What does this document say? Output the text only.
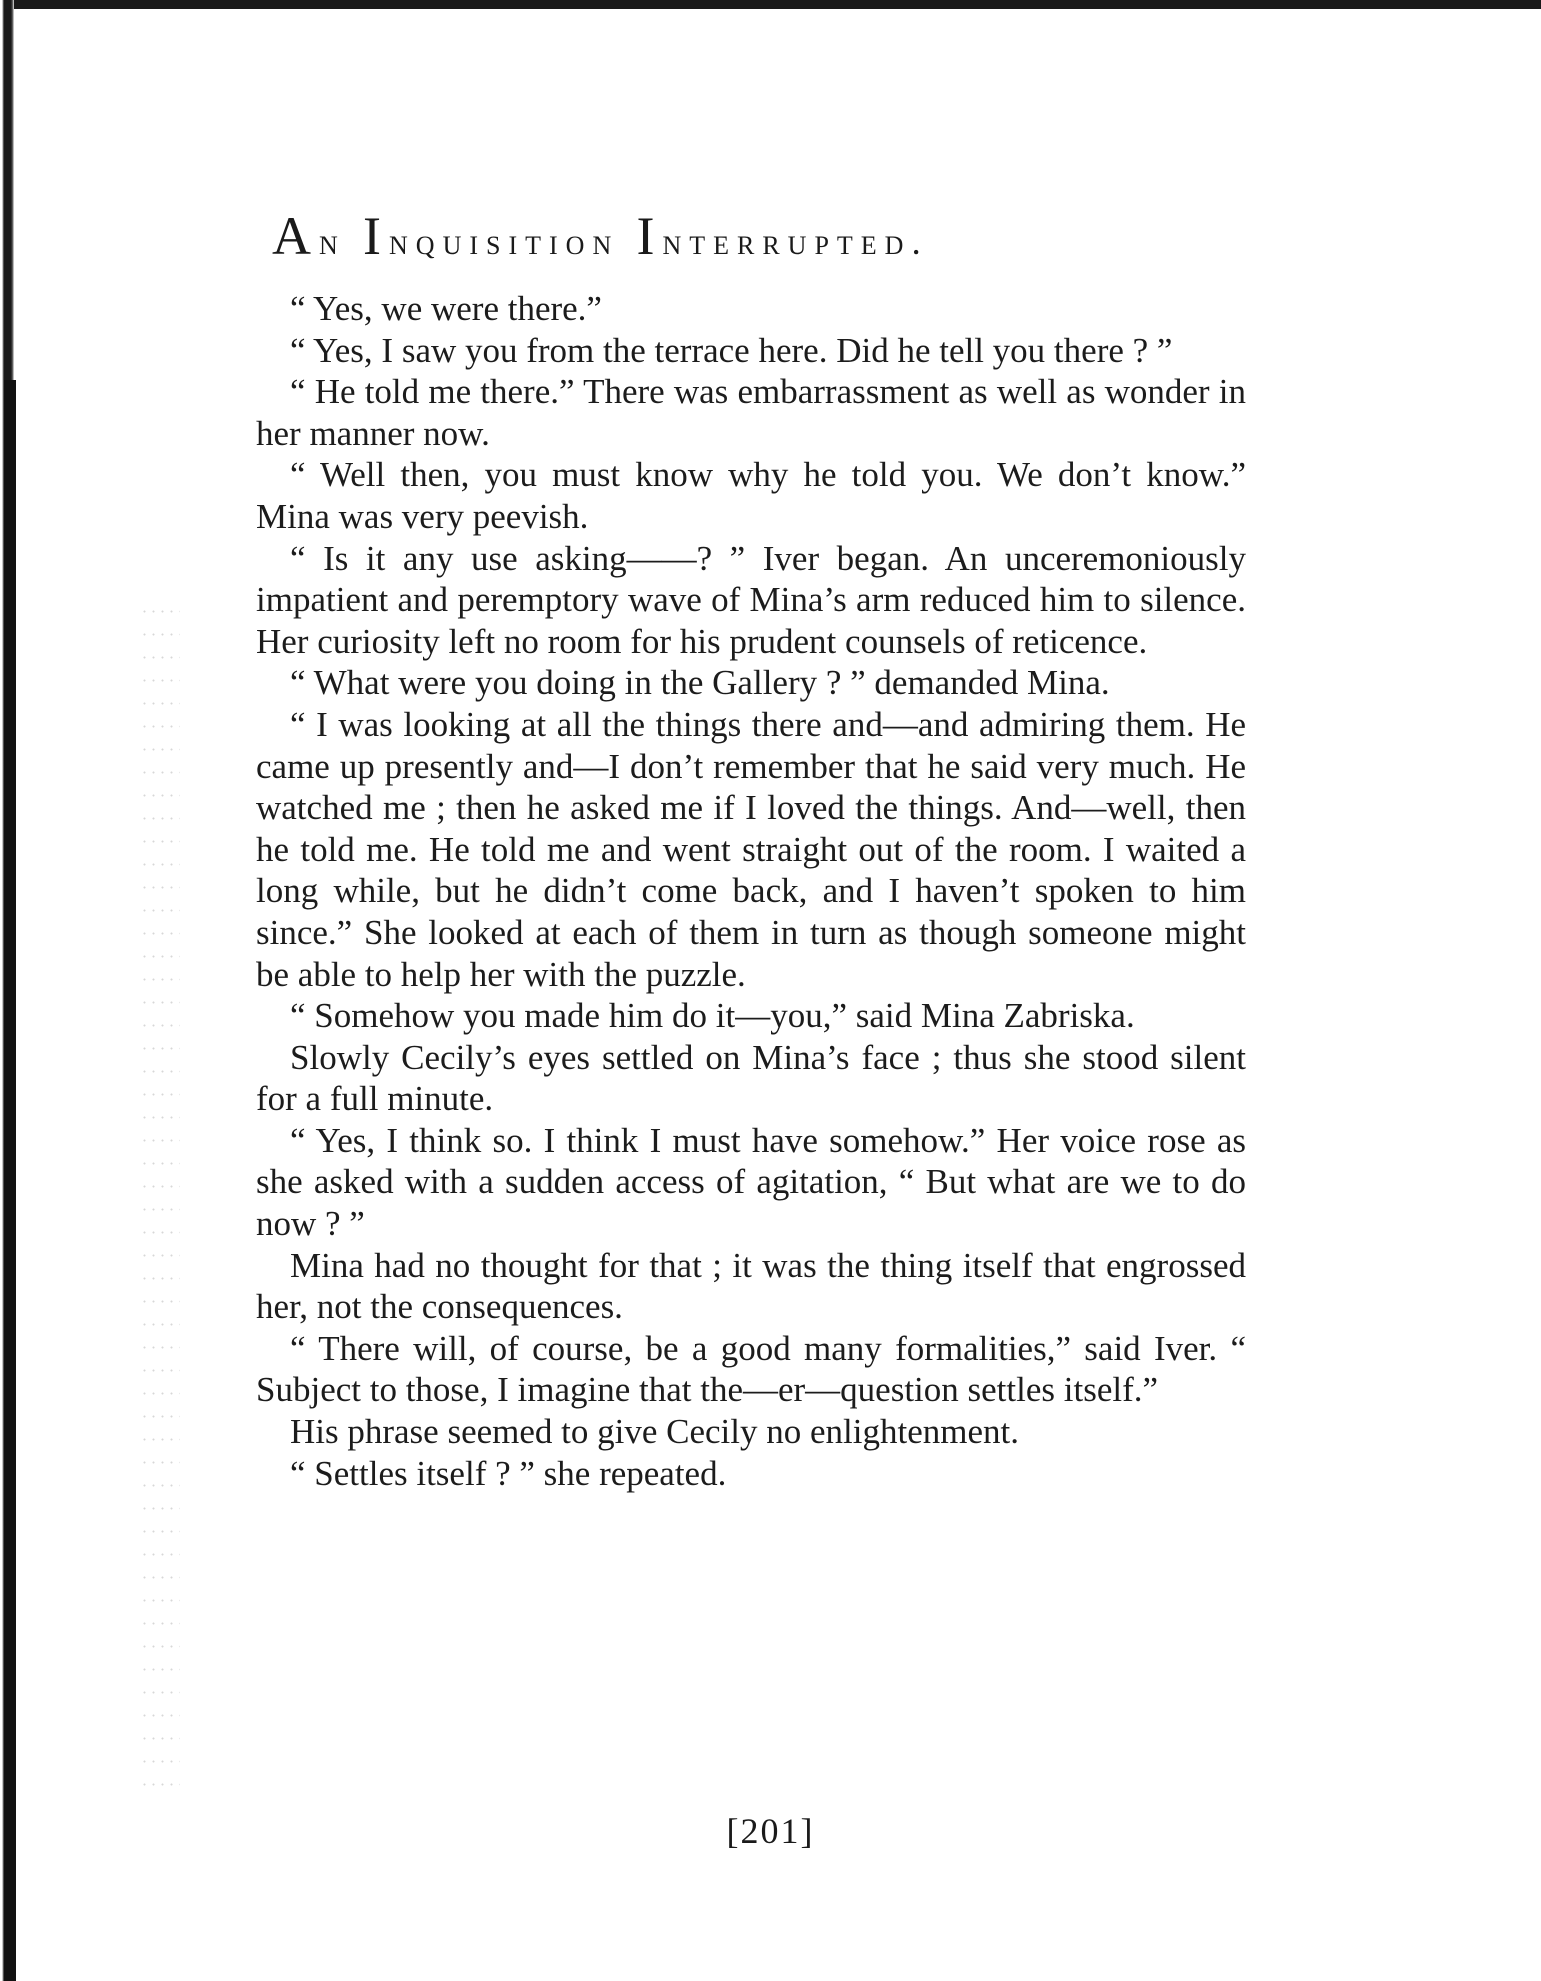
An Inquisition Interrupted.

“ Yes, we were there.”

“ Yes, I saw you from the terrace here. Did he tell you there ? ”

“ He told me there.” There was embarrassment as well as wonder in her manner now.

“ Well then, you must know why he told you. We don’t know.” Mina was very peevish.

“ Is it any use asking——? ” Iver began. An unceremoniously impatient and peremptory wave of Mina’s arm reduced him to silence. Her curiosity left no room for his prudent counsels of reticence.

“ What were you doing in the Gallery ? ” demanded Mina.

“ I was looking at all the things there and—and admiring them. He came up presently and—I don’t remember that he said very much. He watched me ; then he asked me if I loved the things. And—well, then he told me. He told me and went straight out of the room. I waited a long while, but he didn’t come back, and I haven’t spoken to him since.” She looked at each of them in turn as though someone might be able to help her with the puzzle.

“ Somehow you made him do it—you,” said Mina Zabriska.

Slowly Cecily’s eyes settled on Mina’s face ; thus she stood silent for a full minute.

“ Yes, I think so. I think I must have somehow.” Her voice rose as she asked with a sudden access of agitation, “ But what are we to do now ? ”

Mina had no thought for that ; it was the thing itself that engrossed her, not the consequences.

“ There will, of course, be a good many formalities,” said Iver. “ Subject to those, I imagine that the—er—question settles itself.”

His phrase seemed to give Cecily no enlightenment.

“ Settles itself ? ” she repeated.

[201]
